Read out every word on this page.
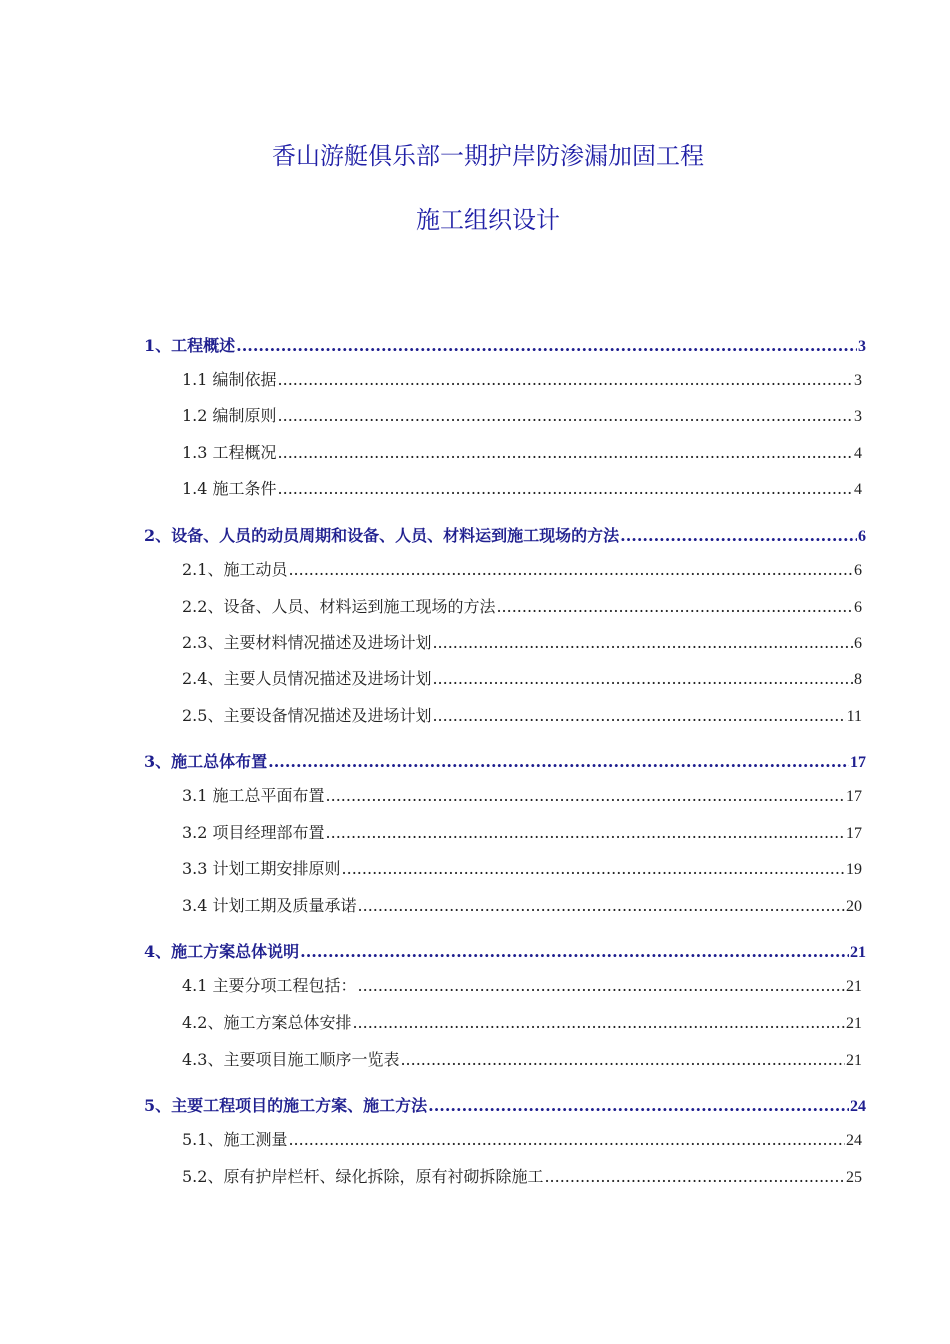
香山游艇俱乐部一期护岸防渗漏加固工程
施工组织设计
1、工程概述 .....	3
1.1 编制依据 .....	3
1.2 编制原则 .....	3
1.3 工程概况 .....	4
1.4 施工条件 .....	4
2、设备、人员的动员周期和设备、人员、材料运到施工现场的方法 .....	6
2.1、施工动员 .....	6
2.2、设备、人员、材料运到施工现场的方法 .....	6
2.3、主要材料情况描述及进场计划 .....	6
2.4、主要人员情况描述及进场计划 .....	8
2.5、主要设备情况描述及进场计划 .....	11
3、施工总体布置 .....	17
3.1 施工总平面布置 .....	17
3.2 项目经理部布置 .....	17
3.3 计划工期安排原则 .....	19
3.4 计划工期及质量承诺 .....	20
4、施工方案总体说明 .....	21
4.1 主要分项工程包括： .....	21
4.2、施工方案总体安排 .....	21
4.3、主要项目施工顺序一览表 .....	21
5、主要工程项目的施工方案、施工方法 .....	24
5.1、施工测量 .....	24
5.2、原有护岸栏杆、绿化拆除，原有衬砌拆除施工 .....	25
